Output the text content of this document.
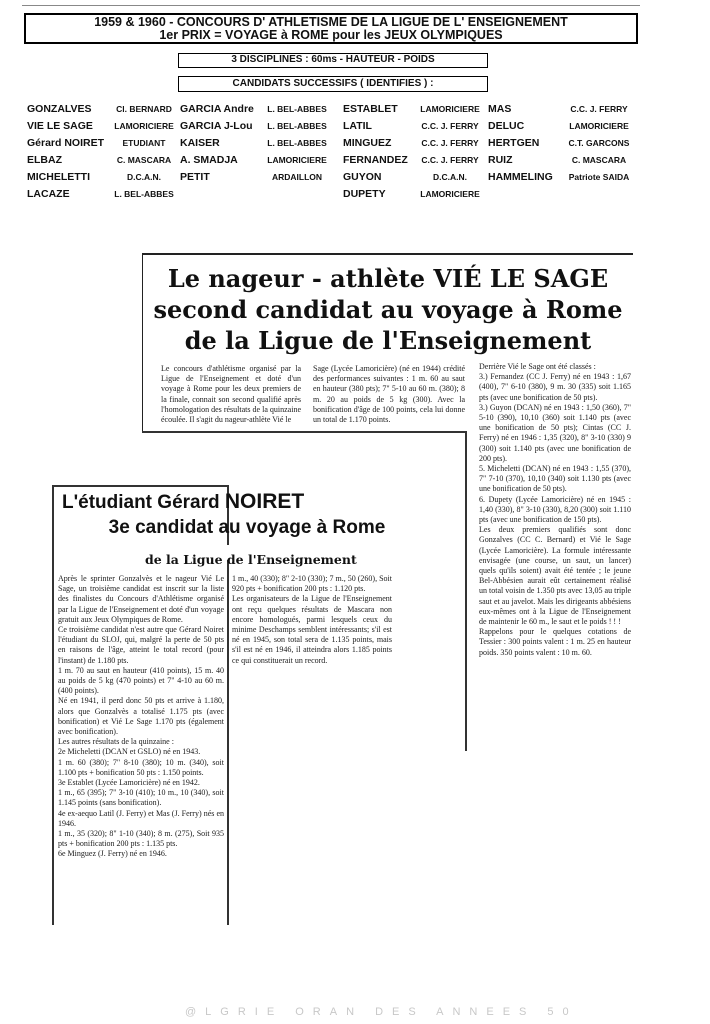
1959 & 1960 - CONCOURS D' ATHLETISME DE LA LIGUE DE L' ENSEIGNEMENT
1er PRIX = VOYAGE à ROME pour les JEUX OLYMPIQUES
3 DISCIPLINES : 60ms - HAUTEUR - POIDS
CANDIDATS SUCCESSIFS ( IDENTIFIES ) :
GONZALVES
VIE LE SAGE
Gérard NOIRET
ELBAZ
MICHELETTI
LACAZE
Cl. BERNARD
LAMORICIERE
ETUDIANT
C. MASCARA
D.C.A.N.
L. BEL-ABBES
GARCIA Andre
GARCIA J-Lou
KAISER
A. SMADJA
PETIT
L. BEL-ABBES
L. BEL-ABBES
L. BEL-ABBES
LAMORICIERE
ARDAILLON
ESTABLET
LATIL
MINGUEZ
FERNANDEZ
GUYON
DUPETY
LAMORICIERE
C.C. J. FERRY
C.C. J. FERRY
C.C. J. FERRY
D.C.A.N.
LAMORICIERE
MAS
DELUC
HERTGEN
RUIZ
HAMMELING
C.C. J. FERRY
LAMORICIERE
C.T. GARCONS
C. MASCARA
Patriote SAIDA
Le nageur - athlète VIÉ LE SAGE
second candidat au voyage à Rome
de la Ligue de l'Enseignement

Le concours d'athlétisme organisé par la Ligue de l'Enseignement et doté d'un voyage à Rome pour les deux premiers de la finale, connait son second qualifié après l'homologation des résultats de la quinzaine écoulée. Il s'agit du nageur-athlète Vié le

Sage (Lycée Lamoricière) (né en 1944) crédité des performances suivantes : 1 m. 60 au saut en hauteur (380 pts); 7" 5-10 au 60 m. (380); 8 m. 20 au poids de 5 kg (300). Avec la bonification d'âge de 100 points, cela lui donne un total de 1.170 points.

Derrière Vié le Sage ont été classés :

3.) Fernandez (CC J. Ferry) né en 1943 : 1,67 (400), 7" 6-10 (380), 9 m. 30 (335) soit 1.165 pts (avec une bonification de 50 pts).

3.) Guyon (DCAN) né en 1943 : 1,50 (360), 7" 5-10 (390), 10,10 (360) soit 1.140 pts (avec une bonification de 50 pts); Cintas (CC J. Ferry) né en 1946 : 1,35 (320), 8" 3-10 (330) 9 (300) soit 1.140 pts (avec une bonification de 200 pts).

5. Micheletti (DCAN) né en 1943 : 1,55 (370), 7" 7-10 (370), 10,10 (340) soit 1.130 pts (avec une bonification de 50 pts).

6. Dupety (Lycée Lamoricière) né en 1945 : 1,40 (330), 8" 3-10 (330), 8,20 (300) soit 1.110 pts (avec une bonification de 150 pts).

Les deux premiers qualifiés sont donc Gonzalves (CC C. Bernard) et Vié le Sage (Lycée Lamoricière). La formule intéressante envisagée (une course, un saut, un lancer) quels qu'ils soient) avait été tentée ; le jeune Bel-Abbésien aurait eût certainement réalisé un total voisin de 1.350 pts avec 13,05 au triple saut et au javelot. Mais les dirigeants abbésiens eux-mêmes ont à la Ligue de l'Enseignement de maintenir le 60 m., le saut et le poids ! ! !

Rappelons pour le quelques cotations de Tessier : 300 points valent : 1 m. 25 en hauteur poids. 350 points valent : 10 m. 60.

L'étudiant Gérard NOIRET
3e candidat au voyage à Rome
de la Ligue de l'Enseignement

Après le sprinter Gonzalvès et le nageur Vié Le Sage, un troisième candidat est inscrit sur la liste des finalistes du Concours d'Athlétisme organisé par la Ligue de l'Enseignement et doté d'un voyage gratuit aux Jeux Olympiques de Rome.

Ce troisième candidat n'est autre que Gérard Noiret l'étudiant du SLOJ, qui, malgré la perte de 50 pts en raisons de l'âge, atteint le total record (pour l'instant) de 1.180 pts.

1 m. 70 au saut en hauteur (410 points), 15 m. 40 au poids de 5 kg (470 points) et 7" 4-10 au 60 m. (400 points).

Né en 1941, il perd donc 50 pts et arrive à 1.180, alors que Gonzalvès a totalisé 1.175 pts (avec bonification) et Vié Le Sage 1.170 pts (également avec bonification).

Les autres résultats de la quinzaine :

2e Micheletti (DCAN et GSLO) né en 1943.

1 m. 60 (380); 7" 8-10 (380); 10 m. (340), soit 1.100 pts + bonification 50 pts : 1.150 points.

3e Establet (Lycée Lamoricière) né en 1942.

1 m., 65 (395); 7" 3-10 (410); 10 m., 10 (340), soit 1.145 points (sans bonification).

4e ex-aequo Latil (J. Ferry) et Mas (J. Ferry) nés en 1946.

1 m., 35 (320); 8" 1-10 (340); 8 m. (275), Soit 935 pts + bonification 200 pts : 1.135 pts.

6e Minguez (J. Ferry) né en 1946.

1 m., 40 (330); 8" 2-10 (330); 7 m., 50 (260), Soit 920 pts + bonification 200 pts : 1.120 pts.

Les organisateurs de la Ligue de l'Enseignement ont reçu quelques résultats de Mascara non encore homologués, parmi lesquels ceux du minime Deschamps semblent intéressants; s'il est né en 1945, son total sera de 1.135 points, mais s'il est né en 1946, il atteindra alors 1.185 points ce qui constituerait un record.

@LGRIE ORAN DES ANNEES 50
